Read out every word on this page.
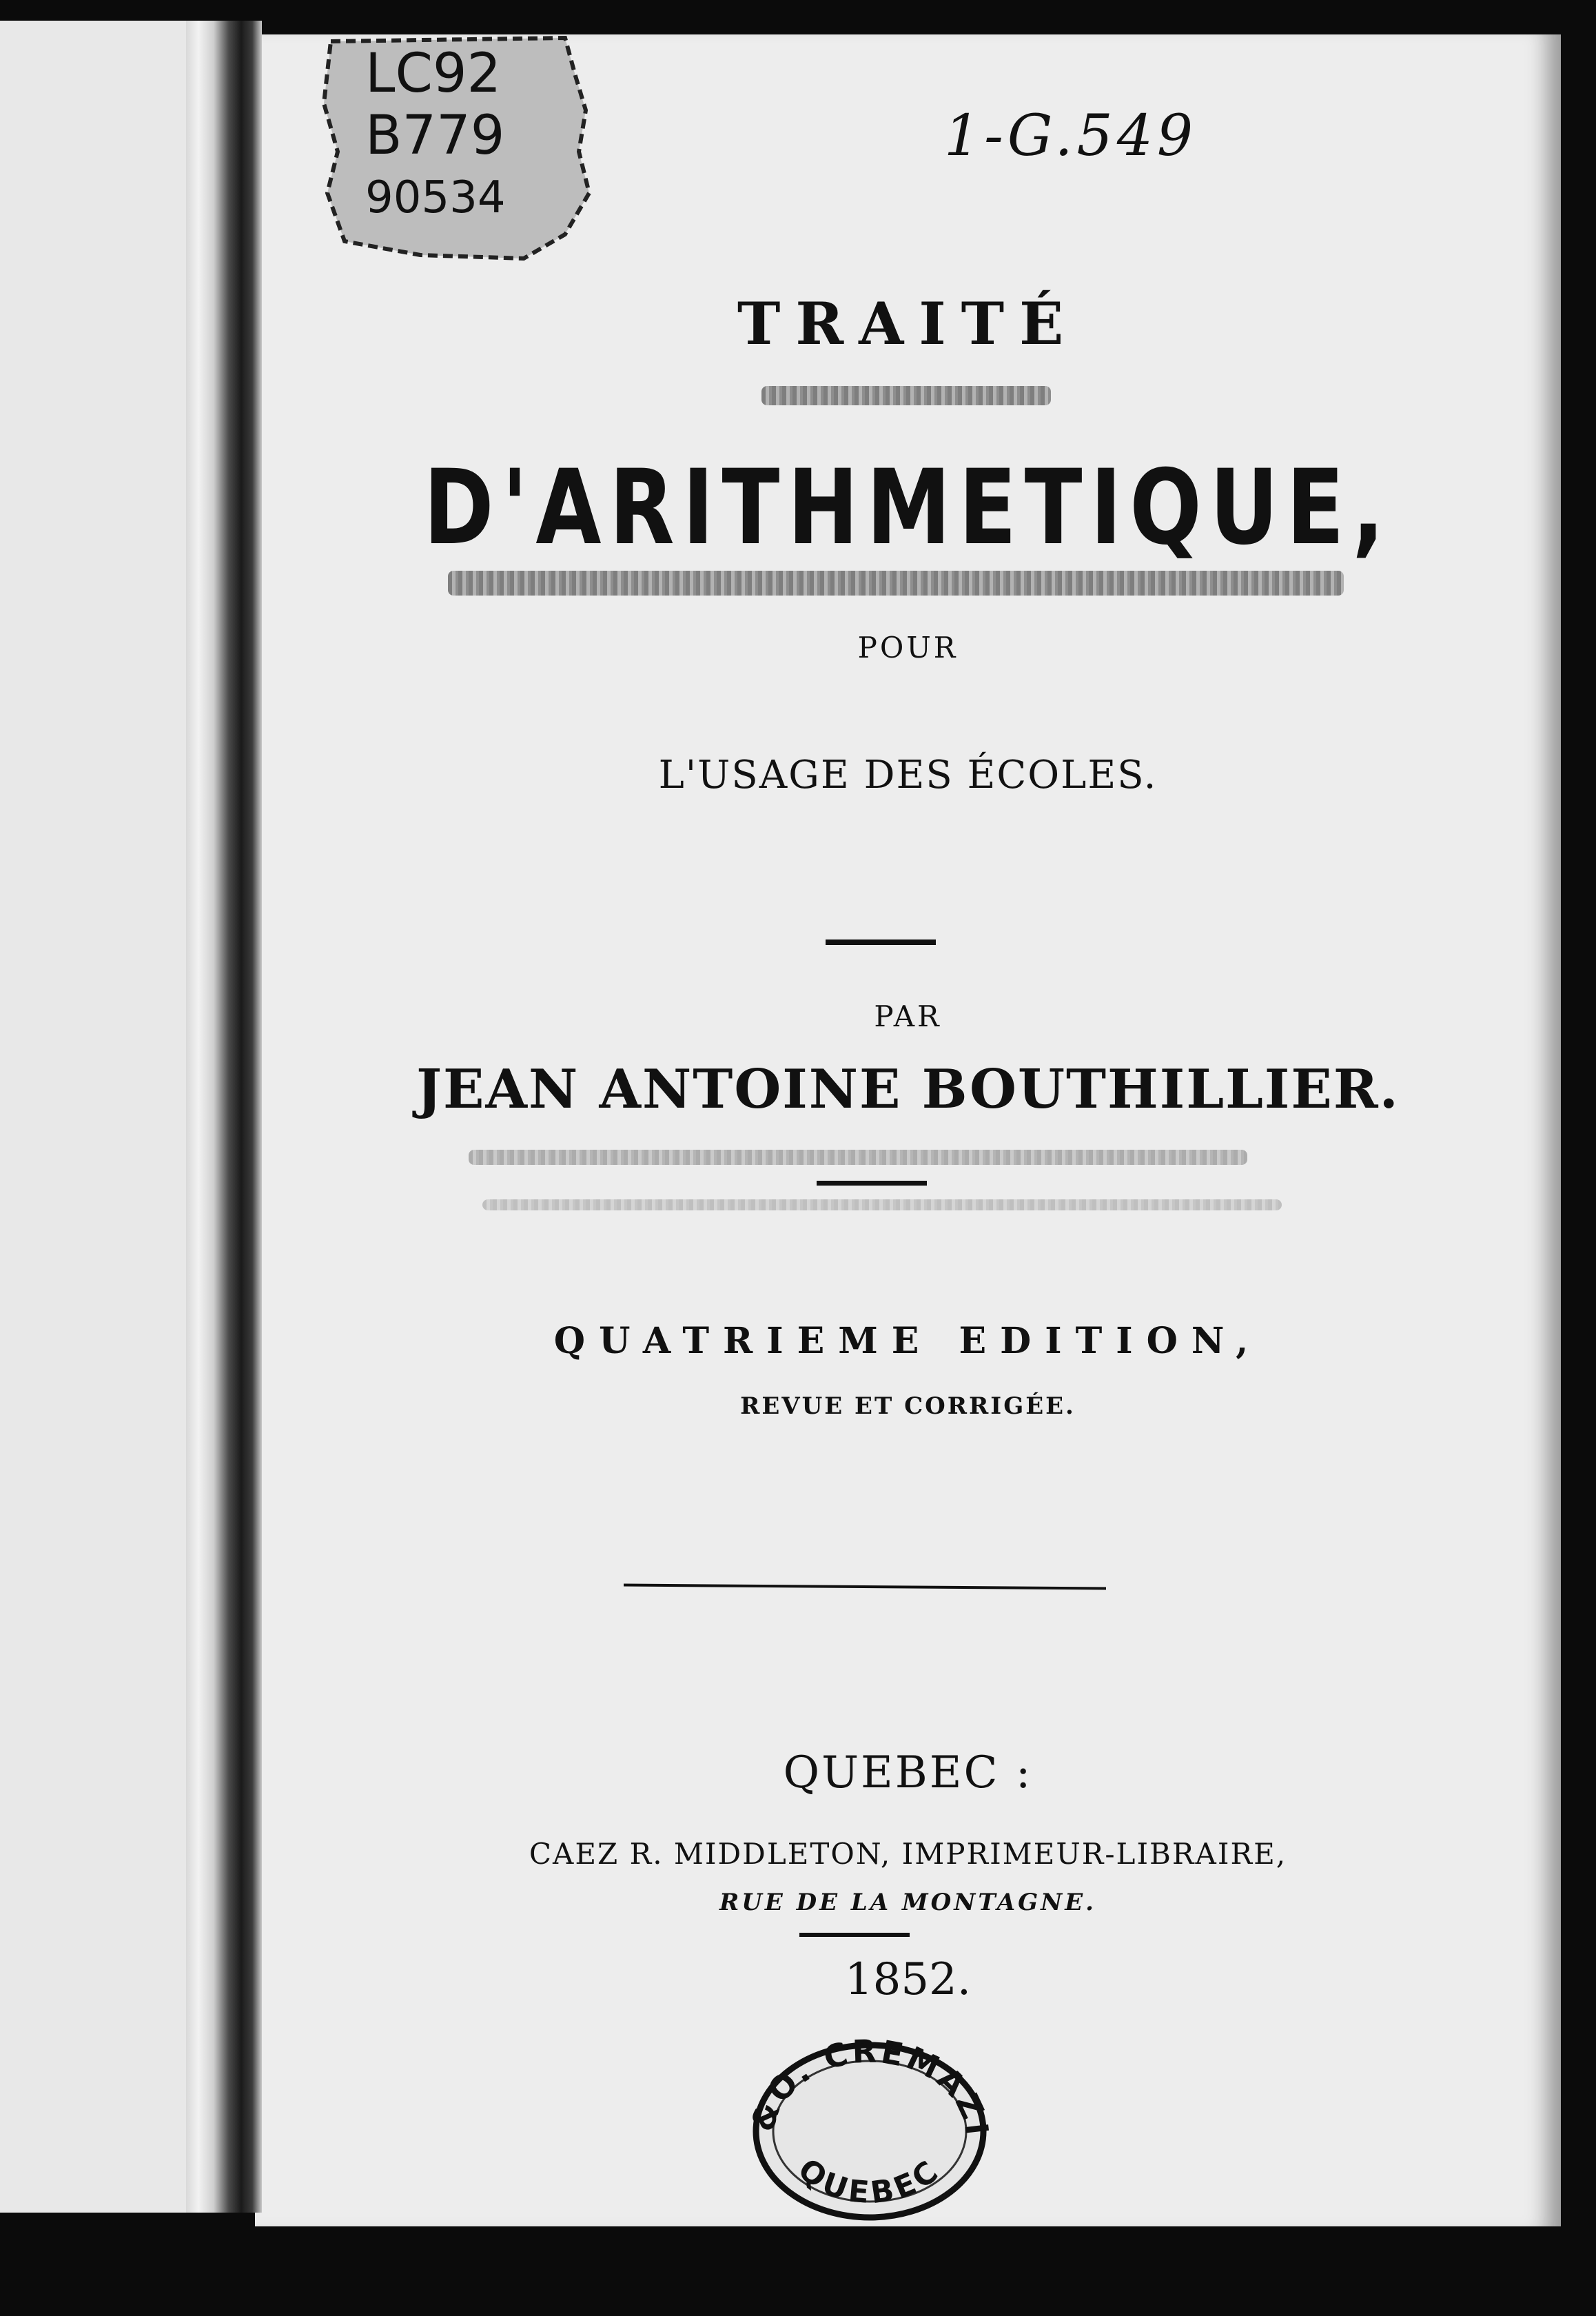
LC92
B779
90534
1-G.549
TRAITÉ
D'ARITHMETIQUE,
POUR
L'USAGE DES ÉCOLES.
PAR
JEAN ANTOINE BOUTHILLIER.
QUATRIEME EDITION,
REVUE ET CORRIGÉE.
QUEBEC :
CAEZ R. MIDDLETON, IMPRIMEUR-LIBRAIRE,
RUE DE LA MONTAGNE.
1852.
&O. CREMAZI
QUEBEC
